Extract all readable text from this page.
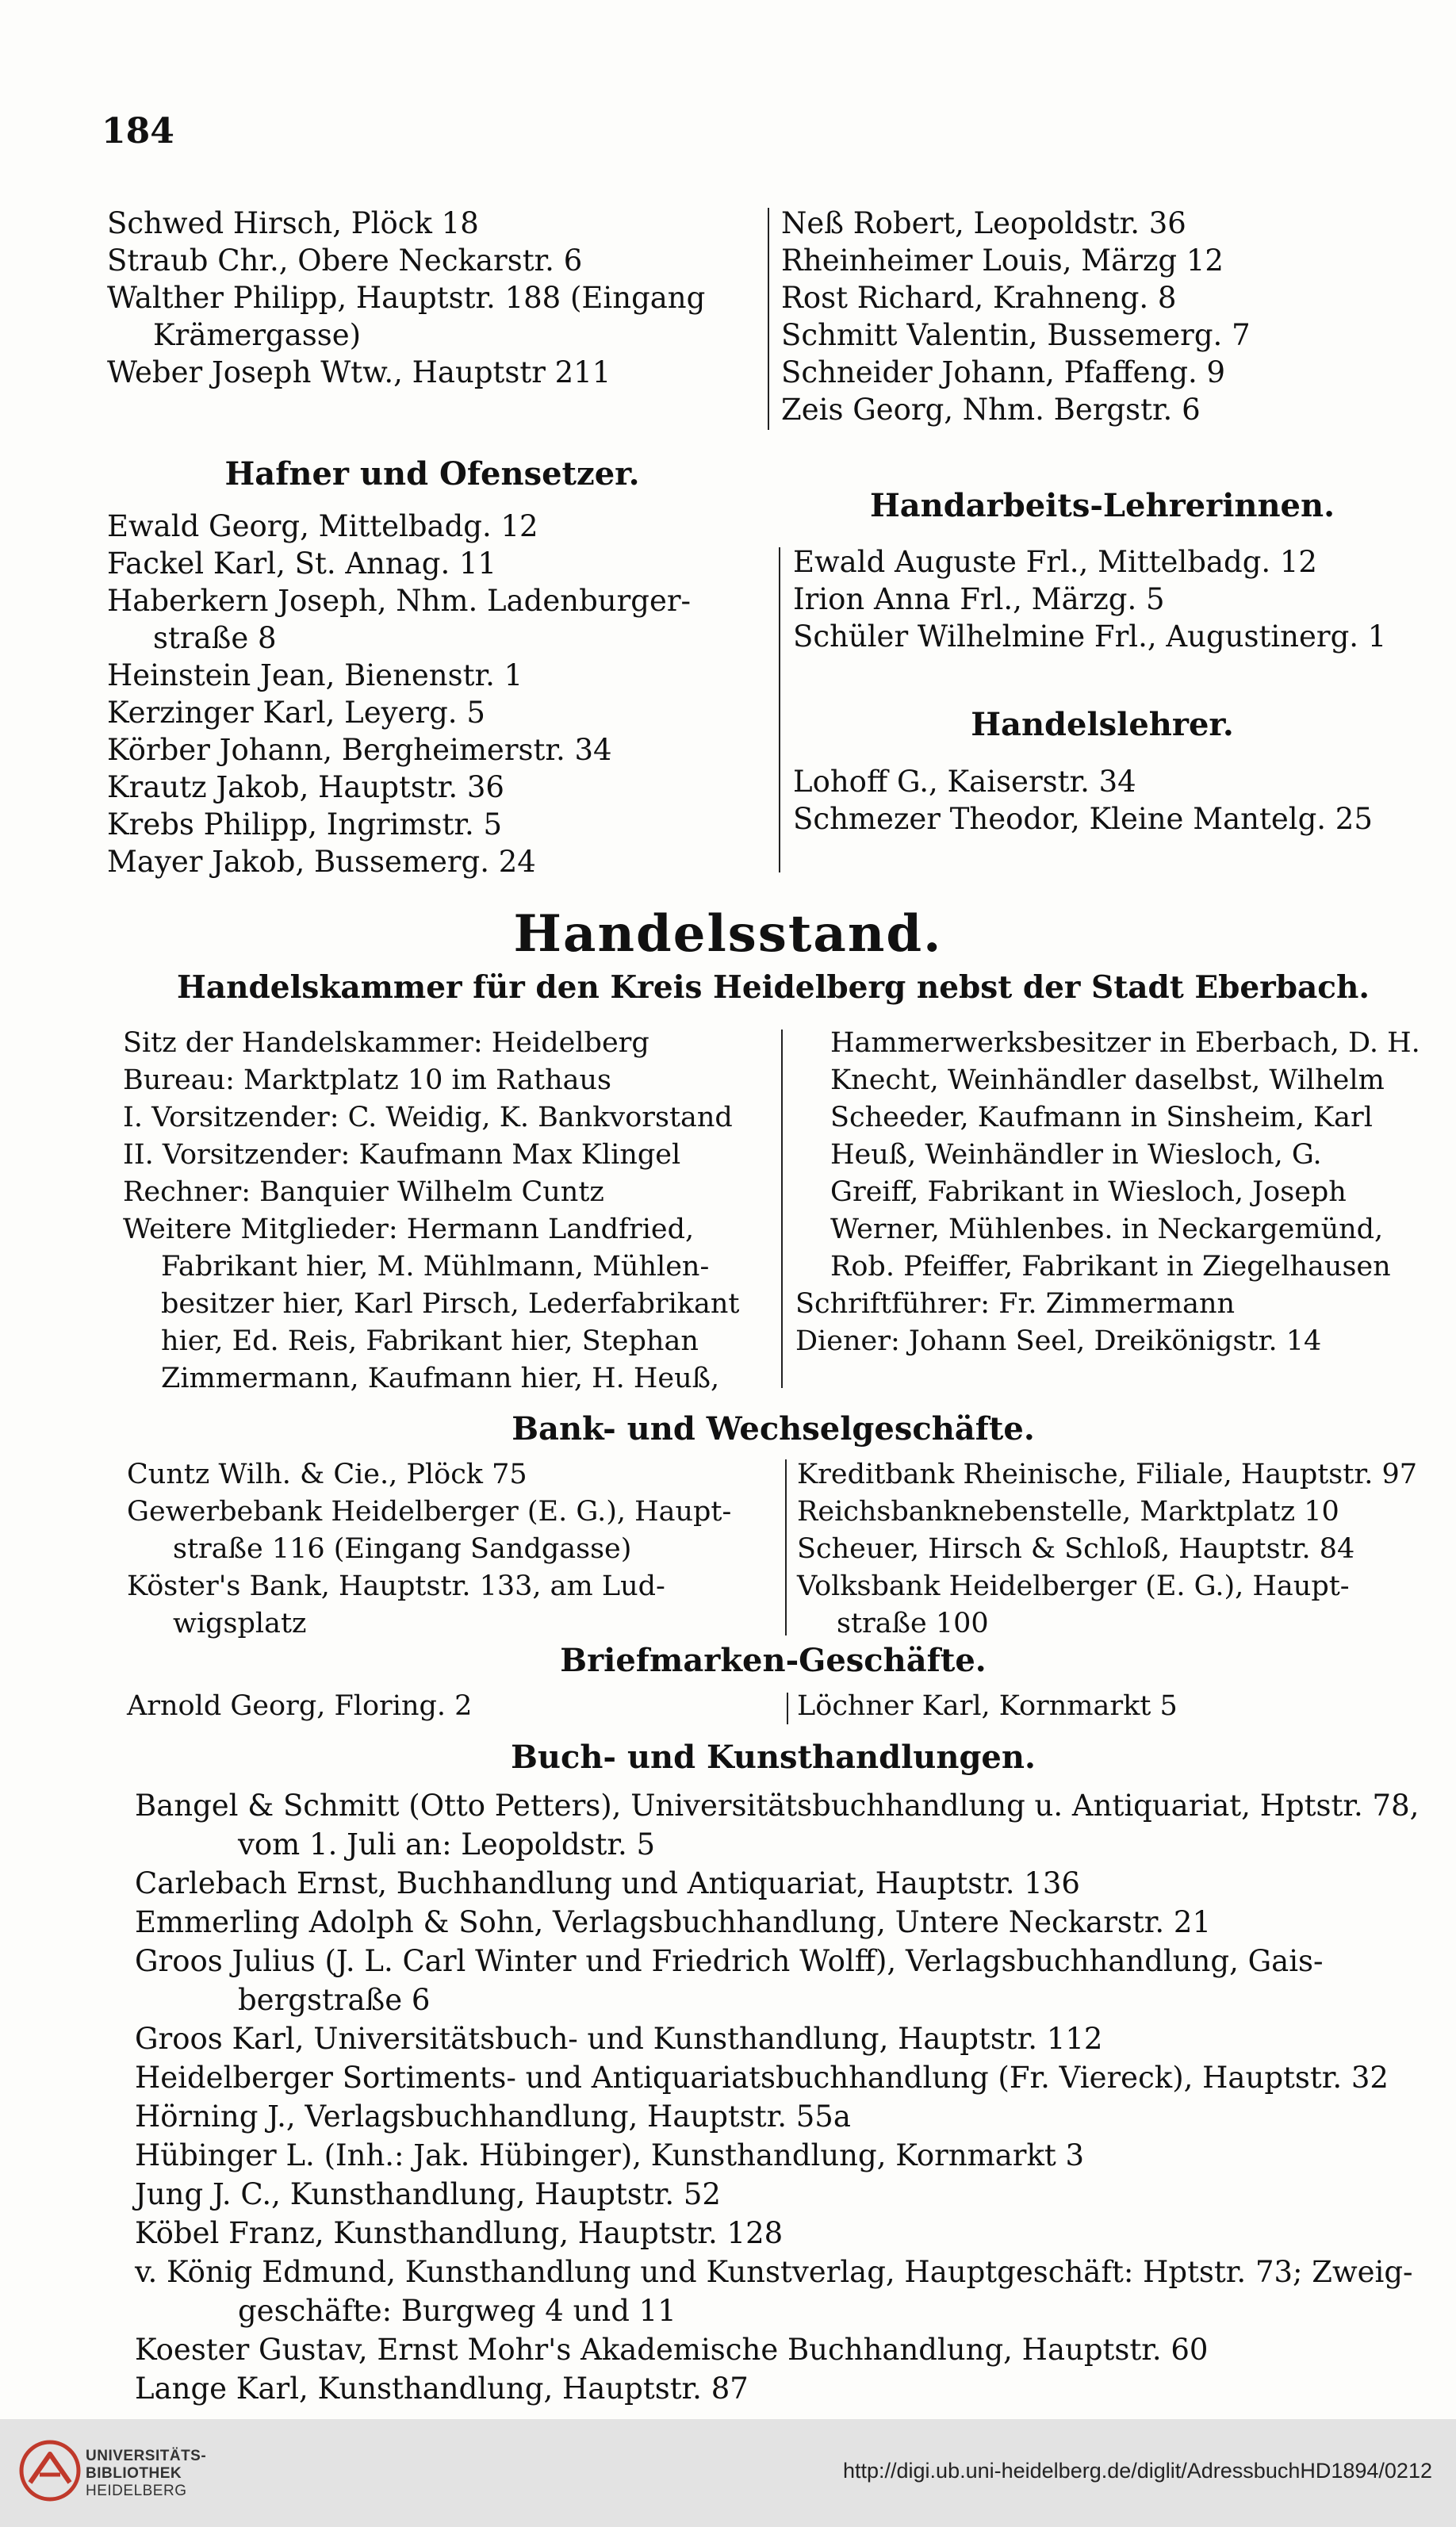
184
Schwed Hirsch, Plöck 18
Straub Chr., Obere Neckarstr. 6
Walther Philipp, Hauptstr. 188 (Eingang
Krämergasse)
Weber Joseph Wtw., Hauptstr 211
Neß Robert, Leopoldstr. 36
Rheinheimer Louis, Märzg 12
Rost Richard, Krahneng. 8
Schmitt Valentin, Bussemerg. 7
Schneider Johann, Pfaffeng. 9
Zeis Georg, Nhm. Bergstr. 6
Hafner und Ofensetzer.
Ewald Georg, Mittelbadg. 12
Fackel Karl, St. Annag. 11
Haberkern Joseph, Nhm. Ladenburger-
straße 8
Heinstein Jean, Bienenstr. 1
Kerzinger Karl, Leyerg. 5
Körber Johann, Bergheimerstr. 34
Krautz Jakob, Hauptstr. 36
Krebs Philipp, Ingrimstr. 5
Mayer Jakob, Bussemerg. 24
Handarbeits-Lehrerinnen.
Ewald Auguste Frl., Mittelbadg. 12
Irion Anna Frl., Märzg. 5
Schüler Wilhelmine Frl., Augustinerg. 1
Handelslehrer.
Lohoff G., Kaiserstr. 34
Schmezer Theodor, Kleine Mantelg. 25
Handelsstand.
Handelskammer für den Kreis Heidelberg nebst der Stadt Eberbach.
Sitz der Handelskammer: Heidelberg
Bureau: Marktplatz 10 im Rathaus
I. Vorsitzender: C. Weidig, K. Bankvorstand
II. Vorsitzender: Kaufmann Max Klingel
Rechner: Banquier Wilhelm Cuntz
Weitere Mitglieder: Hermann Landfried,
Fabrikant hier, M. Mühlmann, Mühlen-
besitzer hier, Karl Pirsch, Lederfabrikant
hier, Ed. Reis, Fabrikant hier, Stephan
Zimmermann, Kaufmann hier, H. Heuß,
Hammerwerksbesitzer in Eberbach, D. H.
Knecht, Weinhändler daselbst, Wilhelm
Scheeder, Kaufmann in Sinsheim, Karl
Heuß, Weinhändler in Wiesloch, G.
Greiff, Fabrikant in Wiesloch, Joseph
Werner, Mühlenbes. in Neckargemünd,
Rob. Pfeiffer, Fabrikant in Ziegelhausen
Schriftführer: Fr. Zimmermann
Diener: Johann Seel, Dreikönigstr. 14
Bank- und Wechselgeschäfte.
Cuntz Wilh. & Cie., Plöck 75
Gewerbebank Heidelberger (E. G.), Haupt-
straße 116 (Eingang Sandgasse)
Köster's Bank, Hauptstr. 133, am Lud-
wigsplatz
Kreditbank Rheinische, Filiale, Hauptstr. 97
Reichsbanknebenstelle, Marktplatz 10
Scheuer, Hirsch & Schloß, Hauptstr. 84
Volksbank Heidelberger (E. G.), Haupt-
straße 100
Briefmarken-Geschäfte.
Arnold Georg, Floring. 2	Löchner Karl, Kornmarkt 5
Buch- und Kunsthandlungen.
Bangel & Schmitt (Otto Petters), Universitätsbuchhandlung u. Antiquariat, Hptstr. 78,
vom 1. Juli an: Leopoldstr. 5
Carlebach Ernst, Buchhandlung und Antiquariat, Hauptstr. 136
Emmerling Adolph & Sohn, Verlagsbuchhandlung, Untere Neckarstr. 21
Groos Julius (J. L. Carl Winter und Friedrich Wolff), Verlagsbuchhandlung, Gais-
bergstraße 6
Groos Karl, Universitätsbuch- und Kunsthandlung, Hauptstr. 112
Heidelberger Sortiments- und Antiquariatsbuchhandlung (Fr. Viereck), Hauptstr. 32
Hörning J., Verlagsbuchhandlung, Hauptstr. 55a
Hübinger L. (Inh.: Jak. Hübinger), Kunsthandlung, Kornmarkt 3
Jung J. C., Kunsthandlung, Hauptstr. 52
Köbel Franz, Kunsthandlung, Hauptstr. 128
v. König Edmund, Kunsthandlung und Kunstverlag, Hauptgeschäft: Hptstr. 73; Zweig-
geschäfte: Burgweg 4 und 11
Koester Gustav, Ernst Mohr's Akademische Buchhandlung, Hauptstr. 60
Lange Karl, Kunsthandlung, Hauptstr. 87
UNIVERSITÄTS-
BIBLIOTHEK
HEIDELBERG
http://digi.ub.uni-heidelberg.de/diglit/AdressbuchHD1894/0212
